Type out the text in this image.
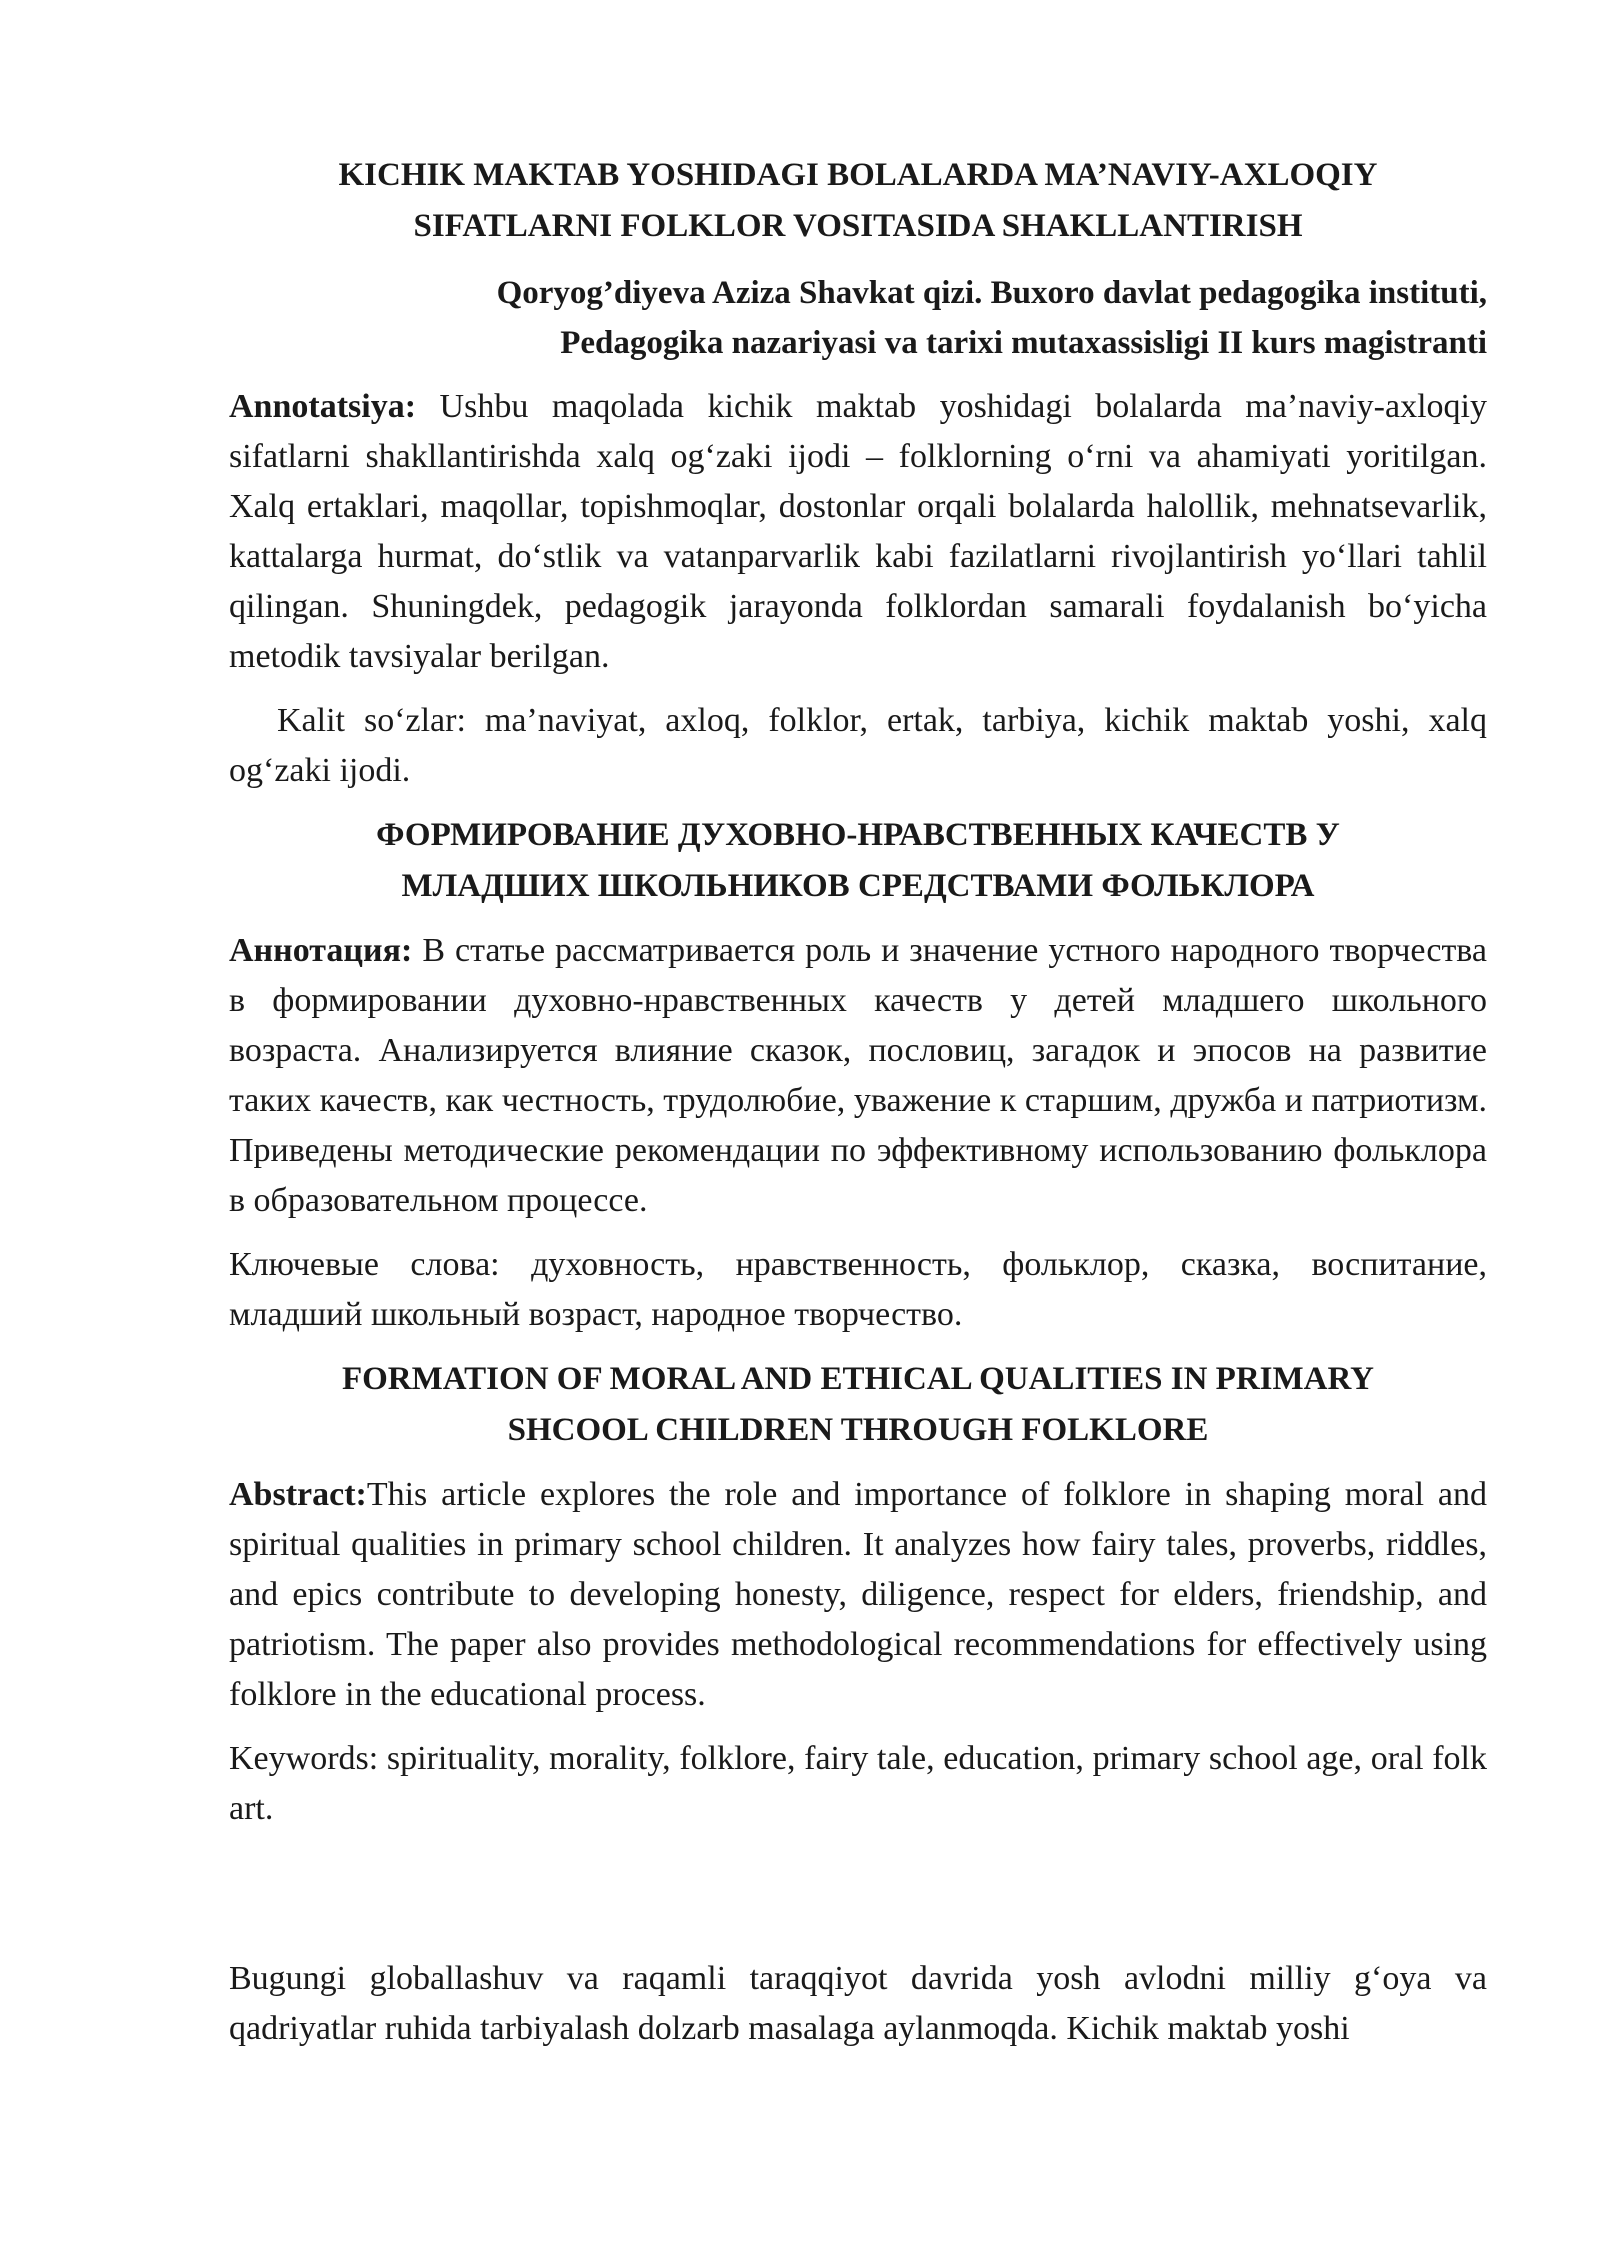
KICHIK MAKTAB YOSHIDAGI BOLALARDA MA’NAVIY-AXLOQIY
SIFATLARNI FOLKLOR VOSITASIDA SHAKLLANTIRISH
Qoryog’diyeva Aziza Shavkat qizi. Buxoro davlat pedagogika instituti,
Pedagogika nazariyasi va tarixi mutaxassisligi II kurs magistranti

Annotatsiya: Ushbu maqolada kichik maktab yoshidagi bolalarda ma’naviy-axloqiy sifatlarni shakllantirishda xalq og‘zaki ijodi – folklorning o‘rni va ahamiyati yoritilgan. Xalq ertaklari, maqollar, topishmoqlar, dostonlar orqali bolalarda halollik, mehnatsevarlik, kattalarga hurmat, do‘stlik va vatanparvarlik kabi fazilatlarni rivojlantirish yo‘llari tahlil qilingan. Shuningdek, pedagogik jarayonda folklordan samarali foydalanish bo‘yicha metodik tavsiyalar berilgan.

Kalit so‘zlar: ma’naviyat, axloq, folklor, ertak, tarbiya, kichik maktab yoshi, xalq og‘zaki ijodi.

ФОРМИРОВАНИЕ ДУХОВНО-НРАВСТВЕННЫХ КАЧЕСТВ У
МЛАДШИХ ШКОЛЬНИКОВ СРЕДСТВАМИ ФОЛЬКЛОРА

Аннотация: В статье рассматривается роль и значение устного народного творчества в формировании духовно-нравственных качеств у детей младшего школьного возраста. Анализируется влияние сказок, пословиц, загадок и эпосов на развитие таких качеств, как честность, трудолюбие, уважение к старшим, дружба и патриотизм. Приведены методические рекомендации по эффективному использованию фольклора в образовательном процессе.

Ключевые слова: духовность, нравственность, фольклор, сказка, воспитание, младший школьный возраст, народное творчество.

FORMATION OF MORAL AND ETHICAL QUALITIES IN PRIMARY
SHCOOL CHILDREN THROUGH FOLKLORE

Abstract:This article explores the role and importance of folklore in shaping moral and spiritual qualities in primary school children. It analyzes how fairy tales, proverbs, riddles, and epics contribute to developing honesty, diligence, respect for elders, friendship, and patriotism. The paper also provides methodological recommendations for effectively using folklore in the educational process.

Keywords: spirituality, morality, folklore, fairy tale, education, primary school age, oral folk art.

Bugungi globallashuv va raqamli taraqqiyot davrida yosh avlodni milliy g‘oya va qadriyatlar ruhida tarbiyalash dolzarb masalaga aylanmoqda. Kichik maktab yoshi
